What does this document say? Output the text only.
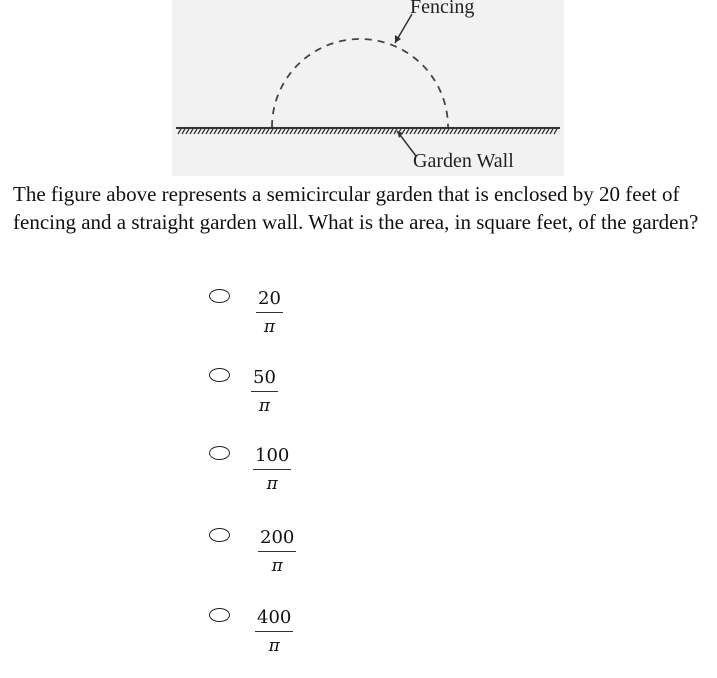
Fencing
Garden Wall

The figure above represents a semicircular garden that is enclosed by 20 feet of fencing and a straight garden wall. What is the area, in square feet, of the garden?

$\frac{20}{\pi}$
$\frac{50}{\pi}$
$\frac{100}{\pi}$
$\frac{200}{\pi}$
$\frac{400}{\pi}$
